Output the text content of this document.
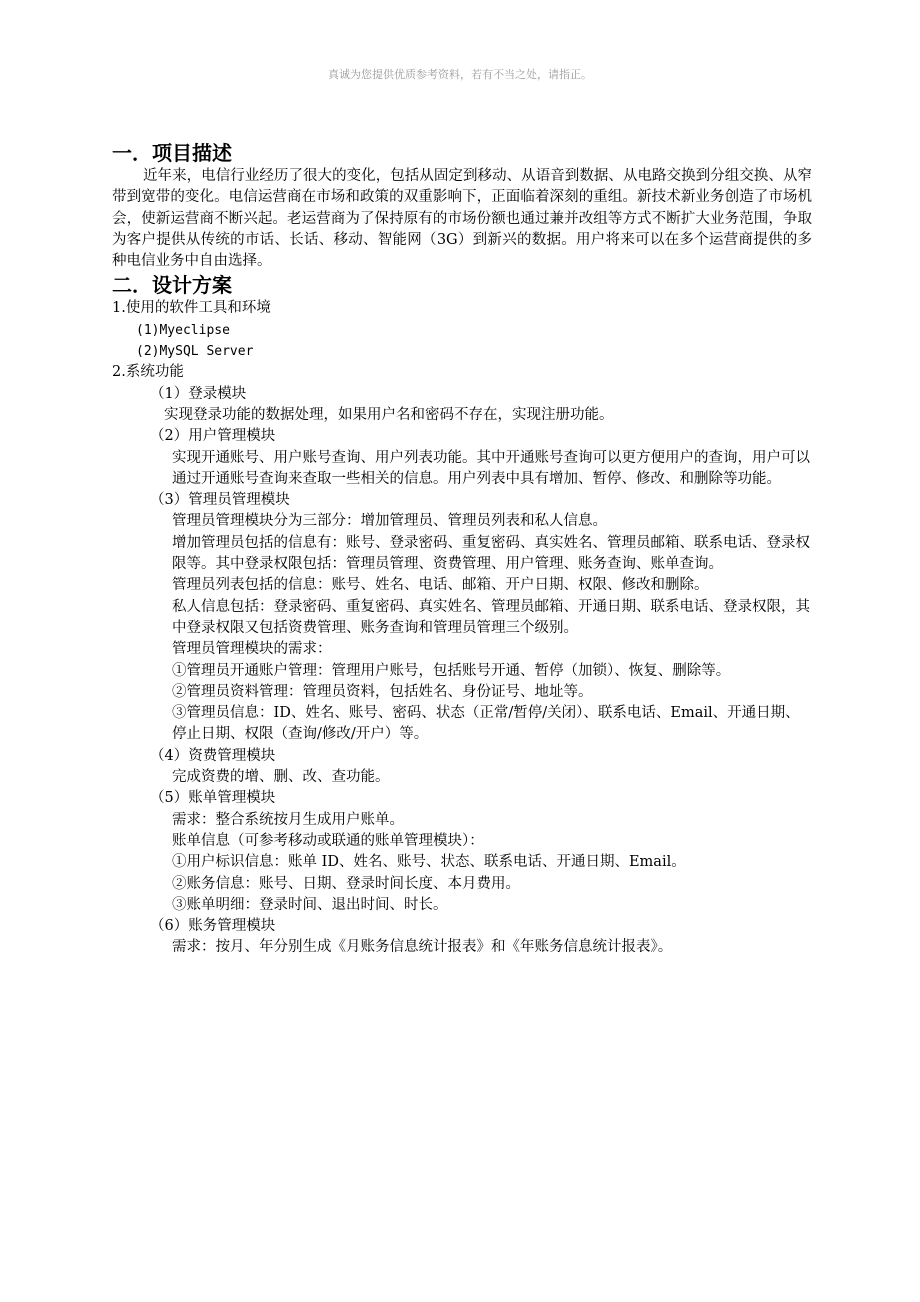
真诚为您提供优质参考资料，若有不当之处，请指正。
一．项目描述

近年来，电信行业经历了很大的变化，包括从固定到移动、从语音到数据、从电路交换到分组交换、从窄带到宽带的变化。电信运营商在市场和政策的双重影响下，正面临着深刻的重组。新技术新业务创造了市场机会，使新运营商不断兴起。老运营商为了保持原有的市场份额也通过兼并改组等方式不断扩大业务范围，争取为客户提供从传统的市话、长话、移动、智能网（3G）到新兴的数据。用户将来可以在多个运营商提供的多种电信业务中自由选择。

二．设计方案

1.使用的软件工具和环境

(1)Myeclipse

(2)MySQL Server

2.系统功能

（1）登录模块

实现登录功能的数据处理，如果用户名和密码不存在，实现注册功能。

（2）用户管理模块

实现开通账号、用户账号查询、用户列表功能。其中开通账号查询可以更方便用户的查询，用户可以通过开通账号查询来查取一些相关的信息。用户列表中具有增加、暂停、修改、和删除等功能。

（3）管理员管理模块

管理员管理模块分为三部分：增加管理员、管理员列表和私人信息。

增加管理员包括的信息有：账号、登录密码、重复密码、真实姓名、管理员邮箱、联系电话、登录权限等。其中登录权限包括：管理员管理、资费管理、用户管理、账务查询、账单查询。

管理员列表包括的信息：账号、姓名、电话、邮箱、开户日期、权限、修改和删除。

私人信息包括：登录密码、重复密码、真实姓名、管理员邮箱、开通日期、联系电话、登录权限，其中登录权限又包括资费管理、账务查询和管理员管理三个级别。

管理员管理模块的需求：

①管理员开通账户管理：管理用户账号，包括账号开通、暂停（加锁）、恢复、删除等。

②管理员资料管理：管理员资料，包括姓名、身份证号、地址等。

③管理员信息：ID、姓名、账号、密码、状态（正常/暂停/关闭）、联系电话、Email、开通日期、停止日期、权限（查询/修改/开户）等。

（4）资费管理模块

完成资费的增、删、改、查功能。

（5）账单管理模块

需求：整合系统按月生成用户账单。

账单信息（可参考移动或联通的账单管理模块）：

①用户标识信息：账单 ID、姓名、账号、状态、联系电话、开通日期、Email。

②账务信息：账号、日期、登录时间长度、本月费用。

③账单明细：登录时间、退出时间、时长。

（6）账务管理模块

需求：按月、年分别生成《月账务信息统计报表》和《年账务信息统计报表》。
